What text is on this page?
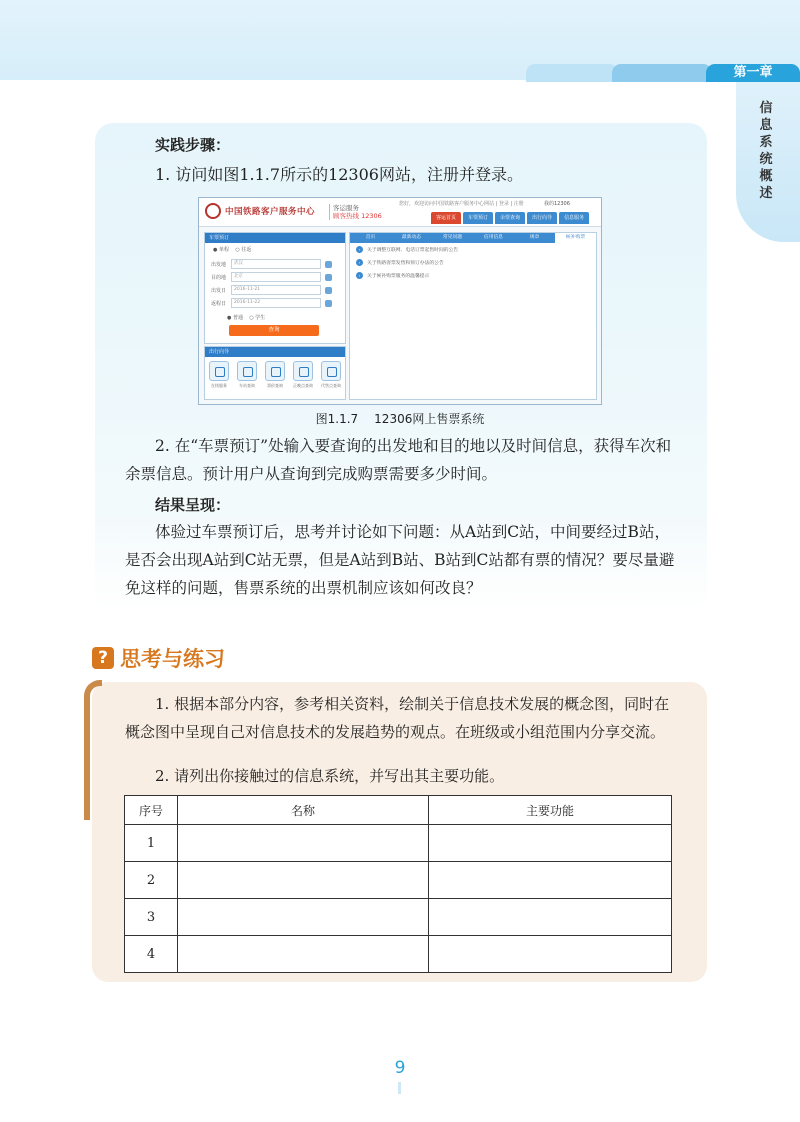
第一章
信息系统概述
实践步骤：
1. 访问如图1.1.7所示的12306网站，注册并登录。
中国铁路客户服务中心	客运服务
顾客热线 12306
您好，欢迎访问中国铁路客户服务中心网站 | 登录 | 注册	我的12306
客运首页	车票预订	余票查询	出行向导	信息服务
车票预订
● 单程    ○ 往返
出发地	武汉
目的地	北京
出发日	2016-11-21
返程日	2016-11-22
● 普通    ○ 学生
查询
出行向导
在线服务	车站查询	票价查询	正晚点查询 代售点查询
首页	最新动态	常见问题	信用信息	规章	候补购票
›	关于调整互联网、电话订票起售时间的公告
›	关于铁路客票发售和预订办法的公告
›	关于候补购票服务的温馨提示
图1.1.7 12306网上售票系统
2. 在“车票预订”处输入要查询的出发地和目的地以及时间信息，获得车次和余票信息。预计用户从查询到完成购票需要多少时间。
结果呈现：
体验过车票预订后，思考并讨论如下问题：从A站到C站，中间要经过B站，是否会出现A站到C站无票，但是A站到B站、B站到C站都有票的情况？要尽量避免这样的问题，售票系统的出票机制应该如何改良？
? 思考与练习
1. 根据本部分内容，参考相关资料，绘制关于信息技术发展的概念图，同时在概念图中呈现自己对信息技术的发展趋势的观点。在班级或小组范围内分享交流。
2. 请列出你接触过的信息系统，并写出其主要功能。
序号	名称	主要功能
1		
2		
3		
4		
9
